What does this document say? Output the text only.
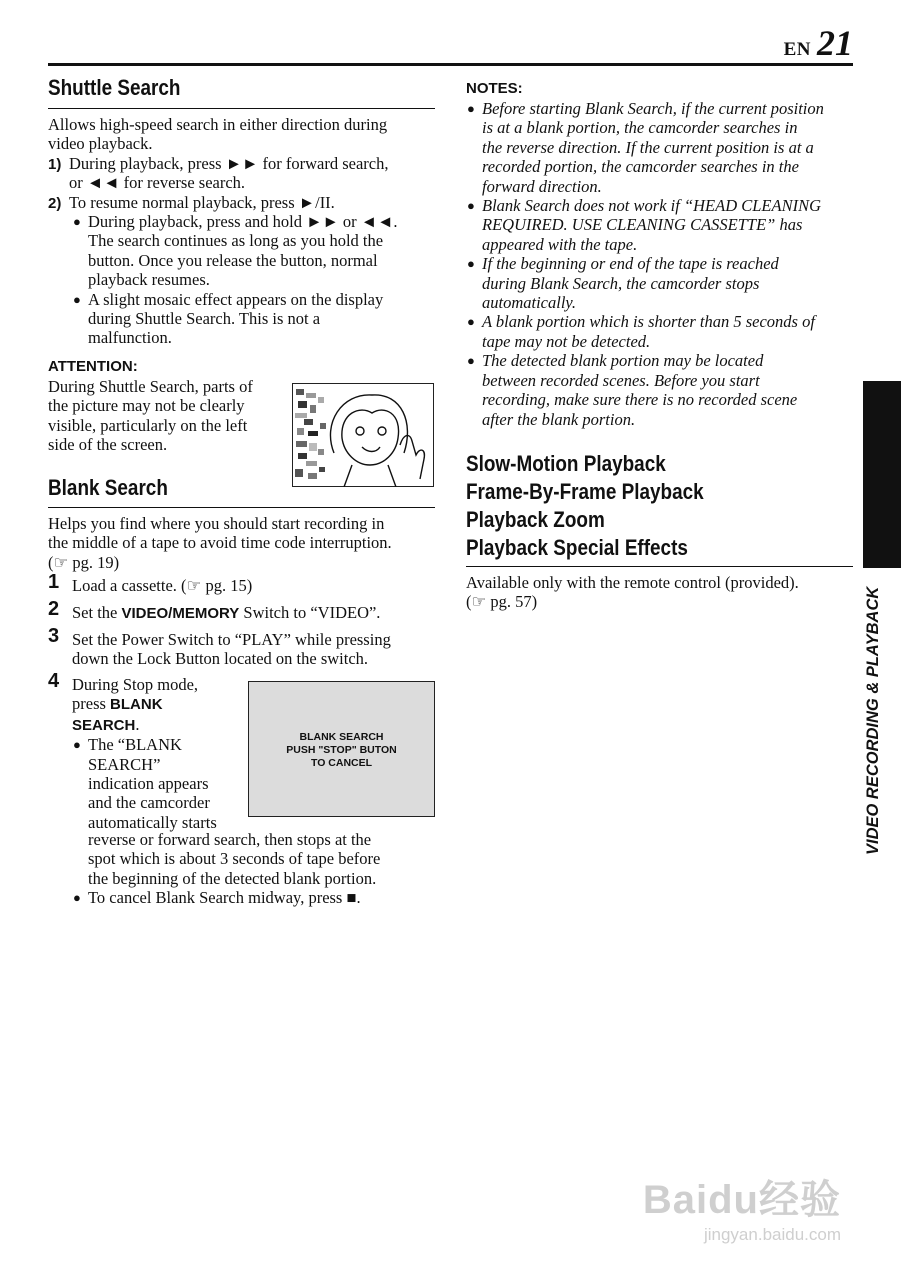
EN 21
VIDEO RECORDING & PLAYBACK
Shuttle Search
Allows high-speed search in either direction during
video playback.
1) During playback, press ►► for forward search,
or ◄◄ for reverse search.
2) To resume normal playback, press ►/II.
● During playback, press and hold ►► or ◄◄.
The search continues as long as you hold the
button. Once you release the button, normal
playback resumes.
● A slight mosaic effect appears on the display
during Shuttle Search. This is not a
malfunction.
ATTENTION:
During Shuttle Search, parts of
the picture may not be clearly
visible, particularly on the left
side of the screen.
Blank Search
Helps you find where you should start recording in
the middle of a tape to avoid time code interruption.
(☞ pg. 19)
1 Load a cassette. (☞ pg. 15)
2 Set the VIDEO/MEMORY Switch to “VIDEO”.
3 Set the Power Switch to “PLAY” while pressing
down the Lock Button located on the switch.
4 During Stop mode,
press BLANK
SEARCH.
● The “BLANK
SEARCH”
indication appears
and the camcorder
automatically starts
reverse or forward search, then stops at the
spot which is about 3 seconds of tape before
the beginning of the detected blank portion.
● To cancel Blank Search midway, press ■.
BLANK SEARCH
PUSH "STOP" BUTON
TO CANCEL
NOTES:
● Before starting Blank Search, if the current position
is at a blank portion, the camcorder searches in
the reverse direction. If the current position is at a
recorded portion, the camcorder searches in the
forward direction.
● Blank Search does not work if “HEAD CLEANING
REQUIRED. USE CLEANING CASSETTE” has
appeared with the tape.
● If the beginning or end of the tape is reached
during Blank Search, the camcorder stops
automatically.
● A blank portion which is shorter than 5 seconds of
tape may not be detected.
● The detected blank portion may be located
between recorded scenes. Before you start
recording, make sure there is no recorded scene
after the blank portion.
Slow-Motion Playback
Frame-By-Frame Playback
Playback Zoom
Playback Special Effects
Available only with the remote control (provided).
(☞ pg. 57)
Baidu经验
jingyan.baidu.com
